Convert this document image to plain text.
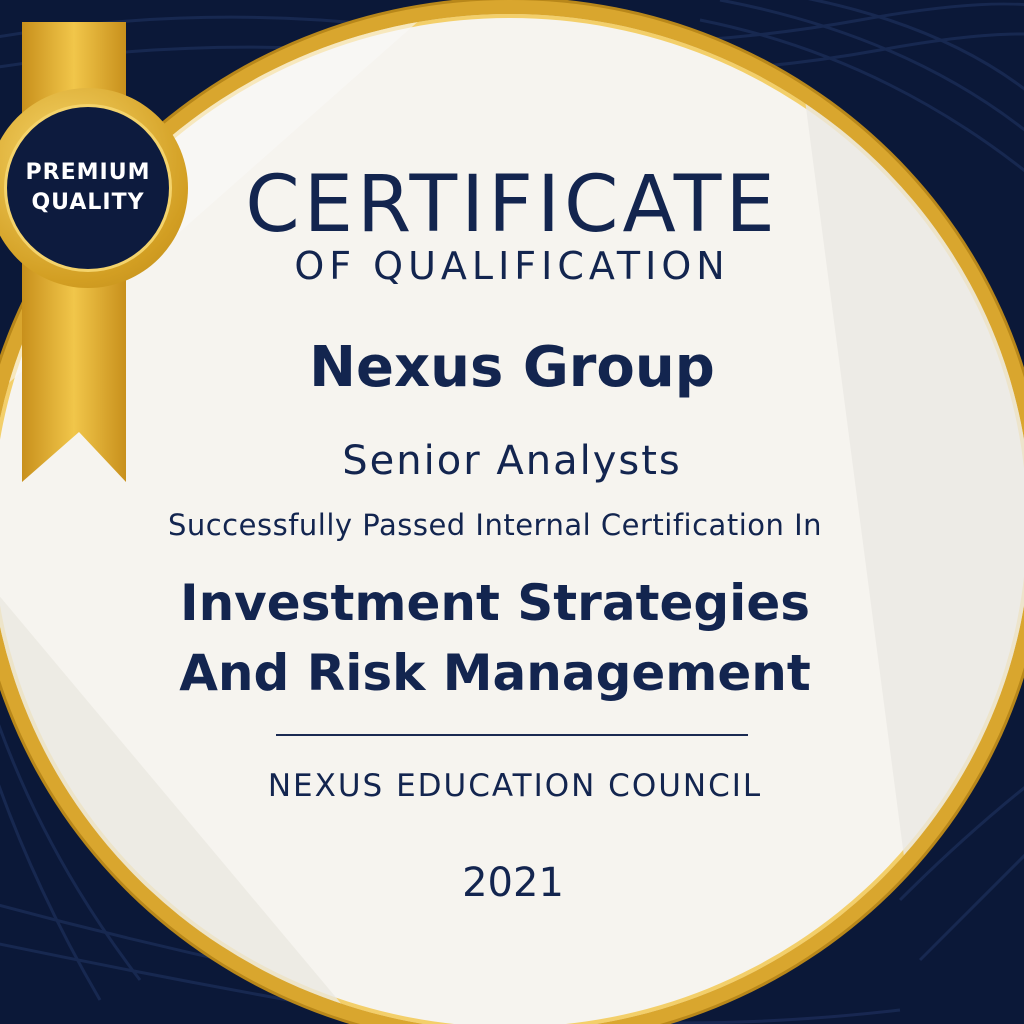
CERTIFICATE
OF QUALIFICATION
Nexus Group
Senior Analysts
Successfully Passed Internal Certification In
Investment Strategies
And Risk Management
NEXUS EDUCATION COUNCIL
2021
PREMIUM
QUALITY
